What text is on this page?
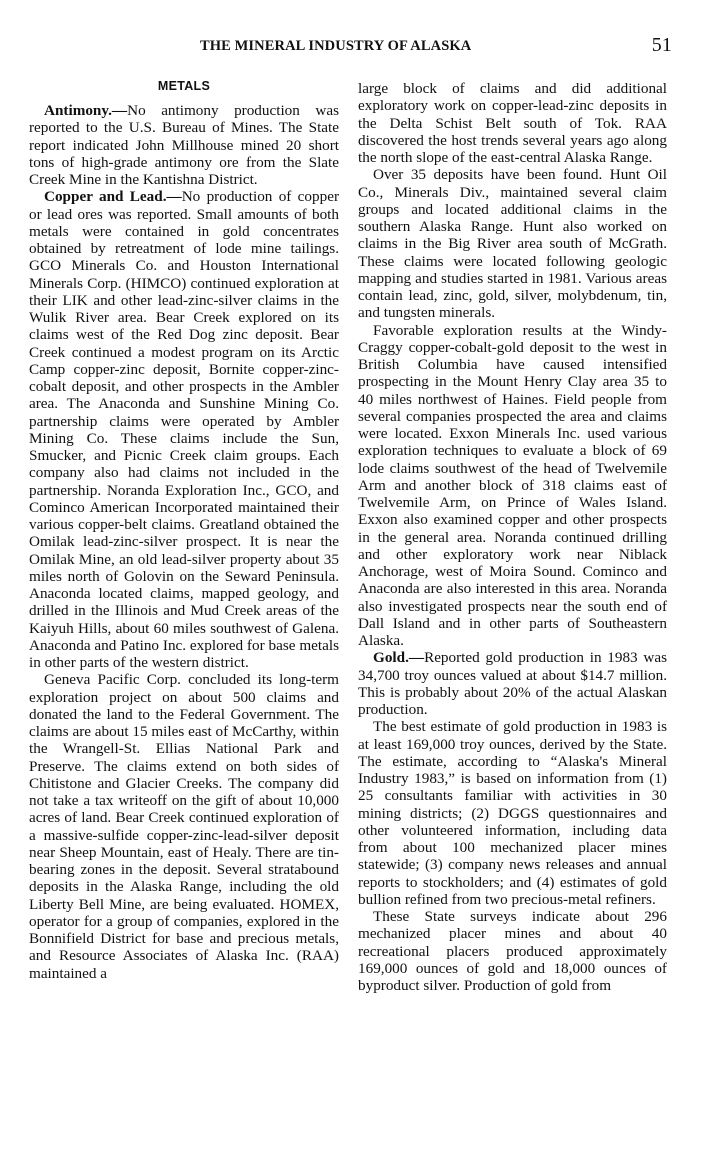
THE MINERAL INDUSTRY OF ALASKA	51
METALS

Antimony.—No antimony production was reported to the U.S. Bureau of Mines. The State report indicated John Millhouse mined 20 short tons of high-grade antimony ore from the Slate Creek Mine in the Kantishna District.

Copper and Lead.—No production of copper or lead ores was reported. Small amounts of both metals were contained in gold concentrates obtained by retreatment of lode mine tailings. GCO Minerals Co. and Houston International Minerals Corp. (HIMCO) continued exploration at their LIK and other lead-zinc-silver claims in the Wulik River area. Bear Creek explored on its claims west of the Red Dog zinc deposit. Bear Creek continued a modest program on its Arctic Camp copper-zinc deposit, Bornite copper-zinc-cobalt deposit, and other prospects in the Ambler area. The Anaconda and Sunshine Mining Co. partnership claims were operated by Ambler Mining Co. These claims include the Sun, Smucker, and Picnic Creek claim groups. Each company also had claims not included in the partnership. Noranda Exploration Inc., GCO, and Cominco American Incorporated maintained their various copper-belt claims. Greatland obtained the Omilak lead-zinc-silver prospect. It is near the Omilak Mine, an old lead-silver property about 35 miles north of Golovin on the Seward Peninsula. Anaconda located claims, mapped geology, and drilled in the Illinois and Mud Creek areas of the Kaiyuh Hills, about 60 miles southwest of Galena. Anaconda and Patino Inc. explored for base metals in other parts of the western district.

Geneva Pacific Corp. concluded its long-term exploration project on about 500 claims and donated the land to the Federal Government. The claims are about 15 miles east of McCarthy, within the Wrangell-St. Ellias National Park and Preserve. The claims extend on both sides of Chitistone and Glacier Creeks. The company did not take a tax writeoff on the gift of about 10,000 acres of land. Bear Creek continued exploration of a massive-sulfide copper-zinc-lead-silver deposit near Sheep Mountain, east of Healy. There are tin-bearing zones in the deposit. Several stratabound deposits in the Alaska Range, including the old Liberty Bell Mine, are being evaluated. HOMEX, operator for a group of companies, explored in the Bonnifield District for base and precious metals, and Resource Associates of Alaska Inc. (RAA) maintained a

large block of claims and did additional exploratory work on copper-lead-zinc deposits in the Delta Schist Belt south of Tok. RAA discovered the host trends several years ago along the north slope of the east-central Alaska Range.

Over 35 deposits have been found. Hunt Oil Co., Minerals Div., maintained several claim groups and located additional claims in the southern Alaska Range. Hunt also worked on claims in the Big River area south of McGrath. These claims were located following geologic mapping and studies started in 1981. Various areas contain lead, zinc, gold, silver, molybdenum, tin, and tungsten minerals.

Favorable exploration results at the Windy-Craggy copper-cobalt-gold deposit to the west in British Columbia have caused intensified prospecting in the Mount Henry Clay area 35 to 40 miles northwest of Haines. Field people from several companies prospected the area and claims were located. Exxon Minerals Inc. used various exploration techniques to evaluate a block of 69 lode claims southwest of the head of Twelvemile Arm and another block of 318 claims east of Twelvemile Arm, on Prince of Wales Island. Exxon also examined copper and other prospects in the general area. Noranda continued drilling and other exploratory work near Niblack Anchorage, west of Moira Sound. Cominco and Anaconda are also interested in this area. Noranda also investigated prospects near the south end of Dall Island and in other parts of Southeastern Alaska.

Gold.—Reported gold production in 1983 was 34,700 troy ounces valued at about $14.7 million. This is probably about 20% of the actual Alaskan production.

The best estimate of gold production in 1983 is at least 169,000 troy ounces, derived by the State. The estimate, according to “Alaska's Mineral Industry 1983,” is based on information from (1) 25 consultants familiar with activities in 30 mining districts; (2) DGGS questionnaires and other volunteered information, including data from about 100 mechanized placer mines statewide; (3) company news releases and annual reports to stockholders; and (4) estimates of gold bullion refined from two precious-metal refiners.

These State surveys indicate about 296 mechanized placer mines and about 40 recreational placers produced approximately 169,000 ounces of gold and 18,000 ounces of byproduct silver. Production of gold from
